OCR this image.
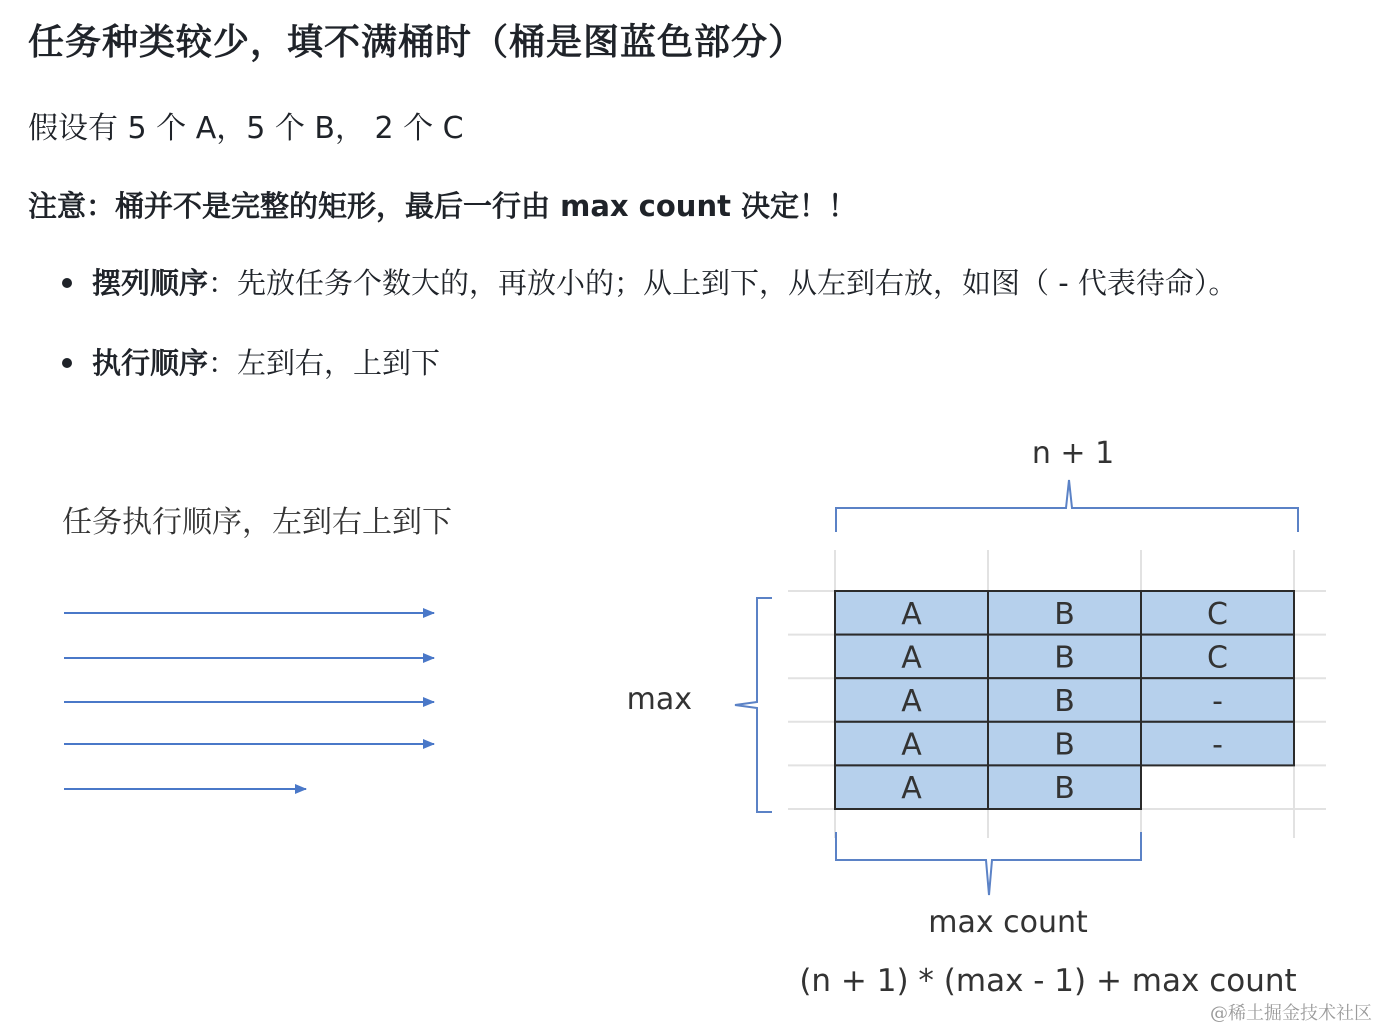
任务种类较少，填不满桶时（桶是图蓝色部分）
假设有 5 个 A，5 个 B， 2 个 C
注意：桶并不是完整的矩形，最后一行由 max count 决定！！
摆列顺序：先放任务个数大的，再放小的；从上到下，从左到右放，如图（ - 代表待命）。
执行顺序：左到右，上到下
任务执行顺序，左到右上到下
A	B	C
A	B	C
A	B	-
A	B	-
A	B
n + 1
max
max count
(n + 1) * (max - 1) + max count
@稀土掘金技术社区
